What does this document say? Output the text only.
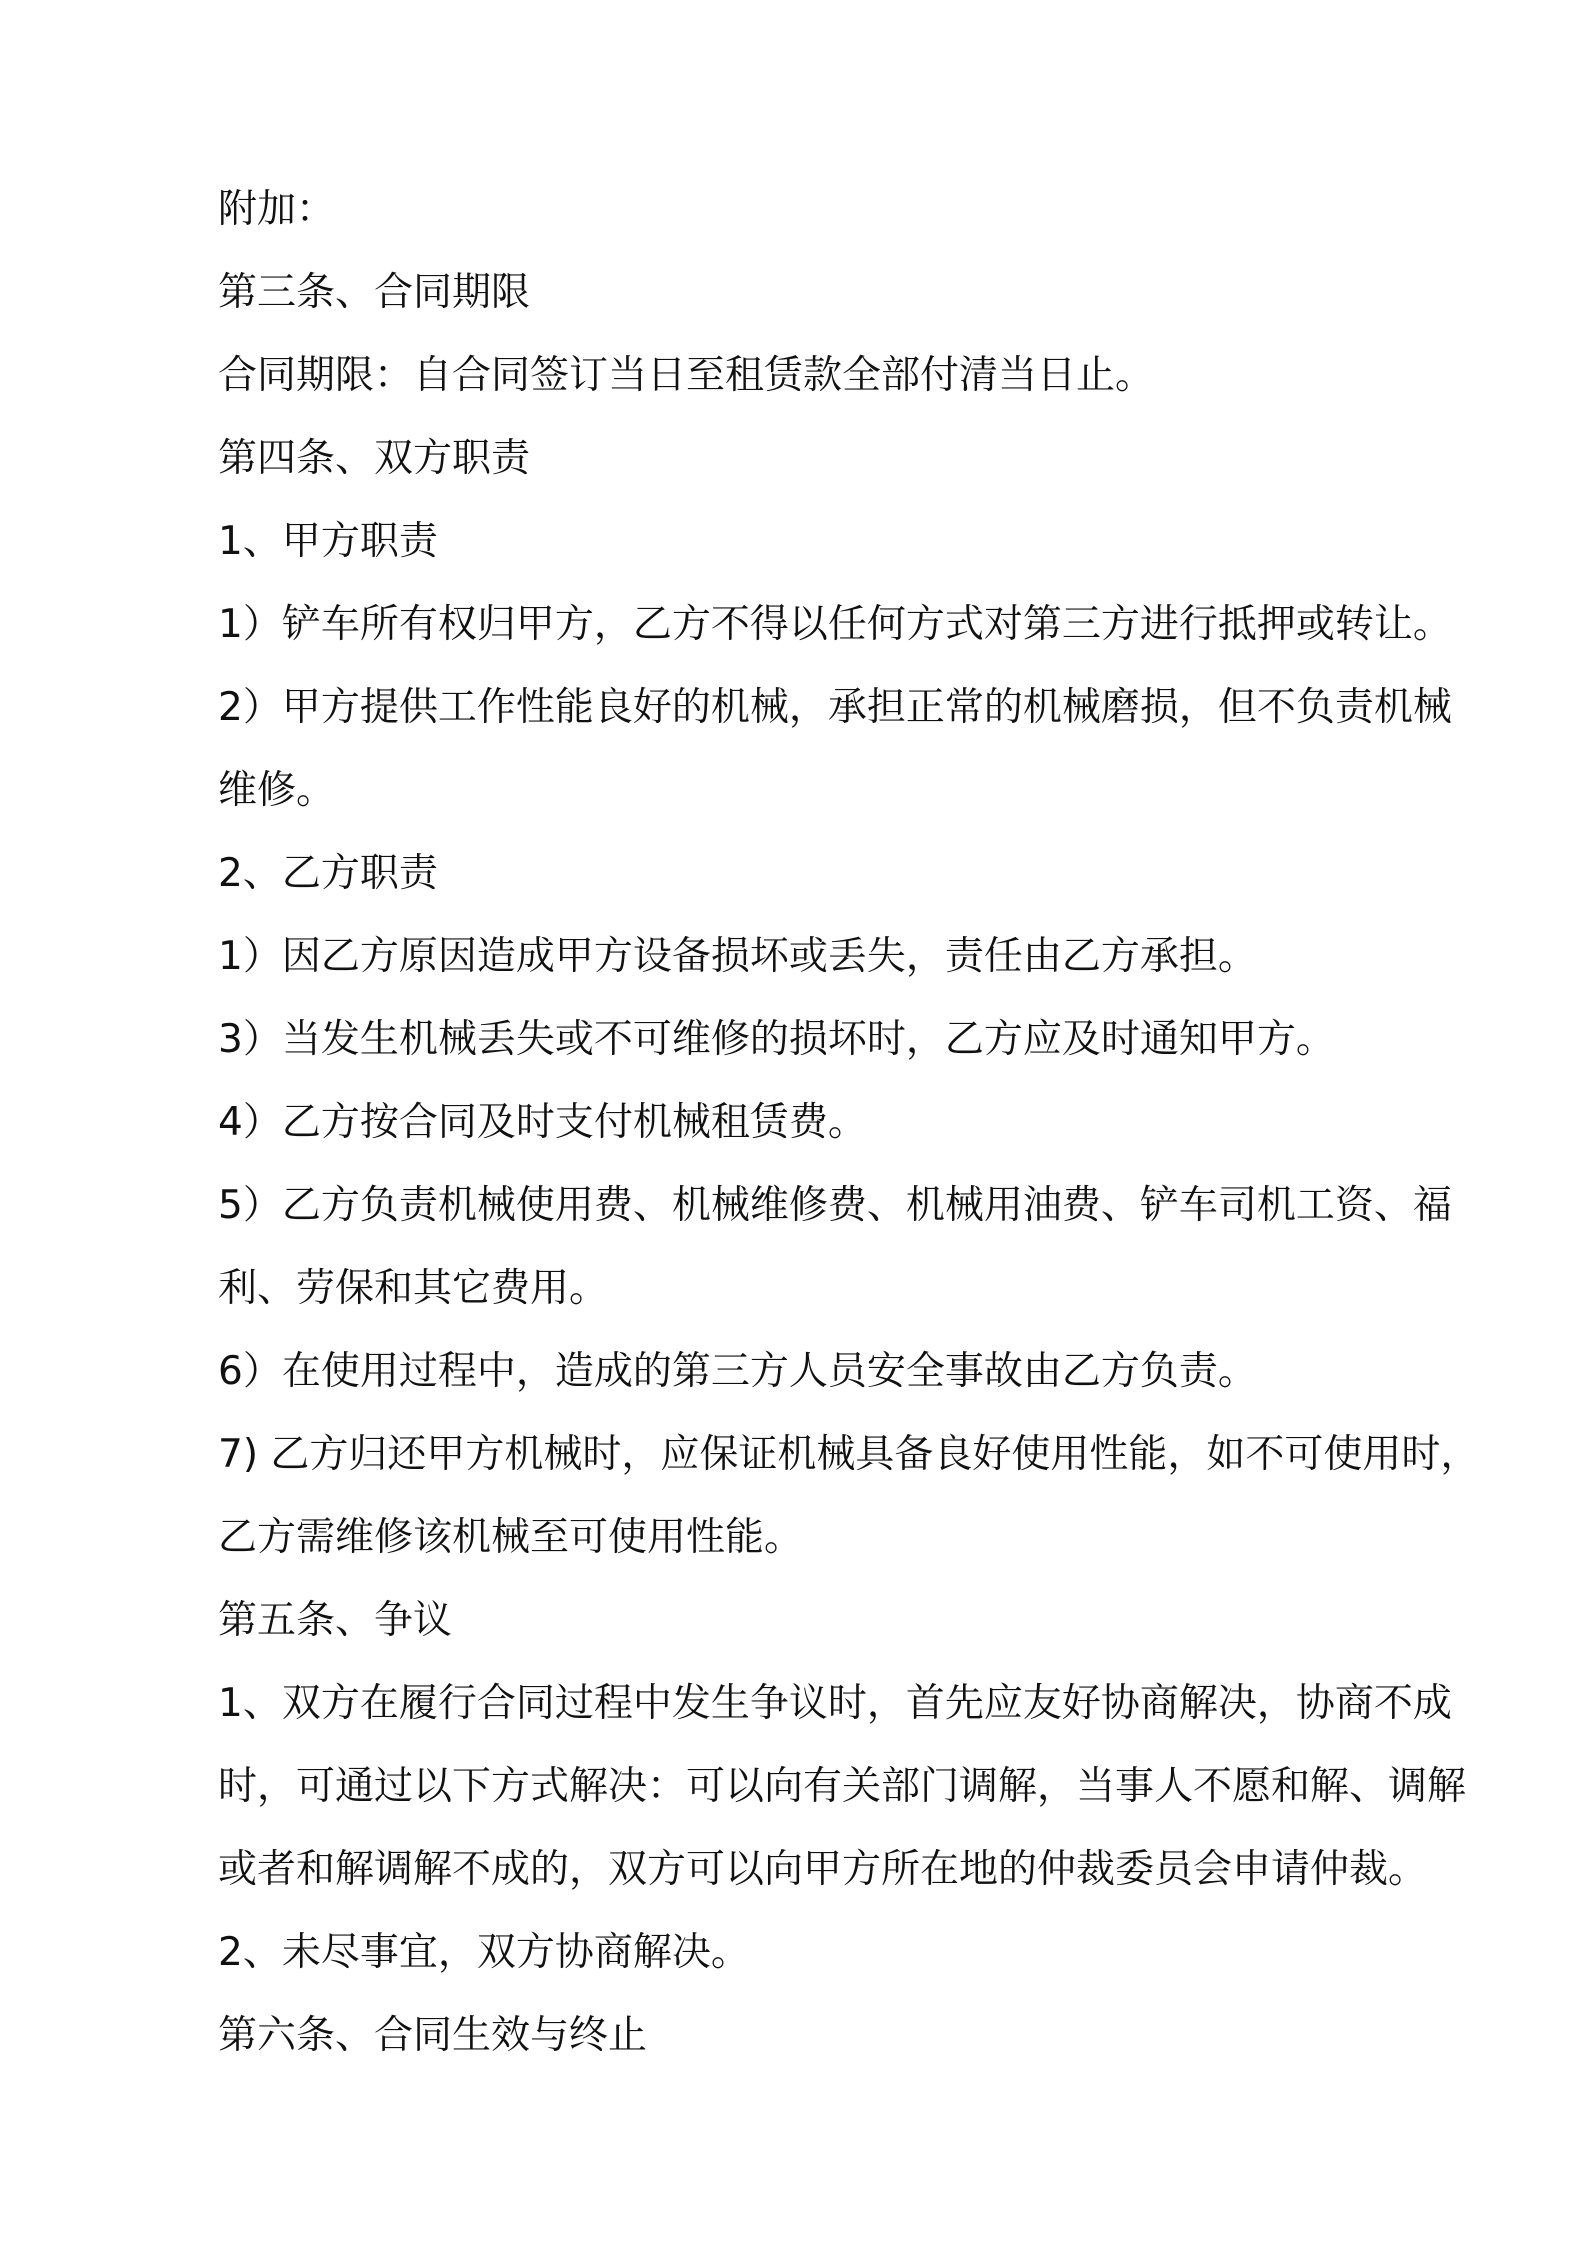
附加：
第三条、合同期限
合同期限：自合同签订当日至租赁款全部付清当日止。
第四条、双方职责
1、甲方职责
1）铲车所有权归甲方，乙方不得以任何方式对第三方进行抵押或转让。
2）甲方提供工作性能良好的机械，承担正常的机械磨损，但不负责机械
维修。
2、乙方职责
1）因乙方原因造成甲方设备损坏或丢失，责任由乙方承担。
3）当发生机械丢失或不可维修的损坏时，乙方应及时通知甲方。
4）乙方按合同及时支付机械租赁费。
5）乙方负责机械使用费、机械维修费、机械用油费、铲车司机工资、福
利、劳保和其它费用。
6）在使用过程中，造成的第三方人员安全事故由乙方负责。
7) 乙方归还甲方机械时，应保证机械具备良好使用性能，如不可使用时，
乙方需维修该机械至可使用性能。
第五条、争议
1、双方在履行合同过程中发生争议时，首先应友好协商解决，协商不成
时，可通过以下方式解决：可以向有关部门调解，当事人不愿和解、调解
或者和解调解不成的，双方可以向甲方所在地的仲裁委员会申请仲裁。
2、未尽事宜，双方协商解决。
第六条、合同生效与终止
